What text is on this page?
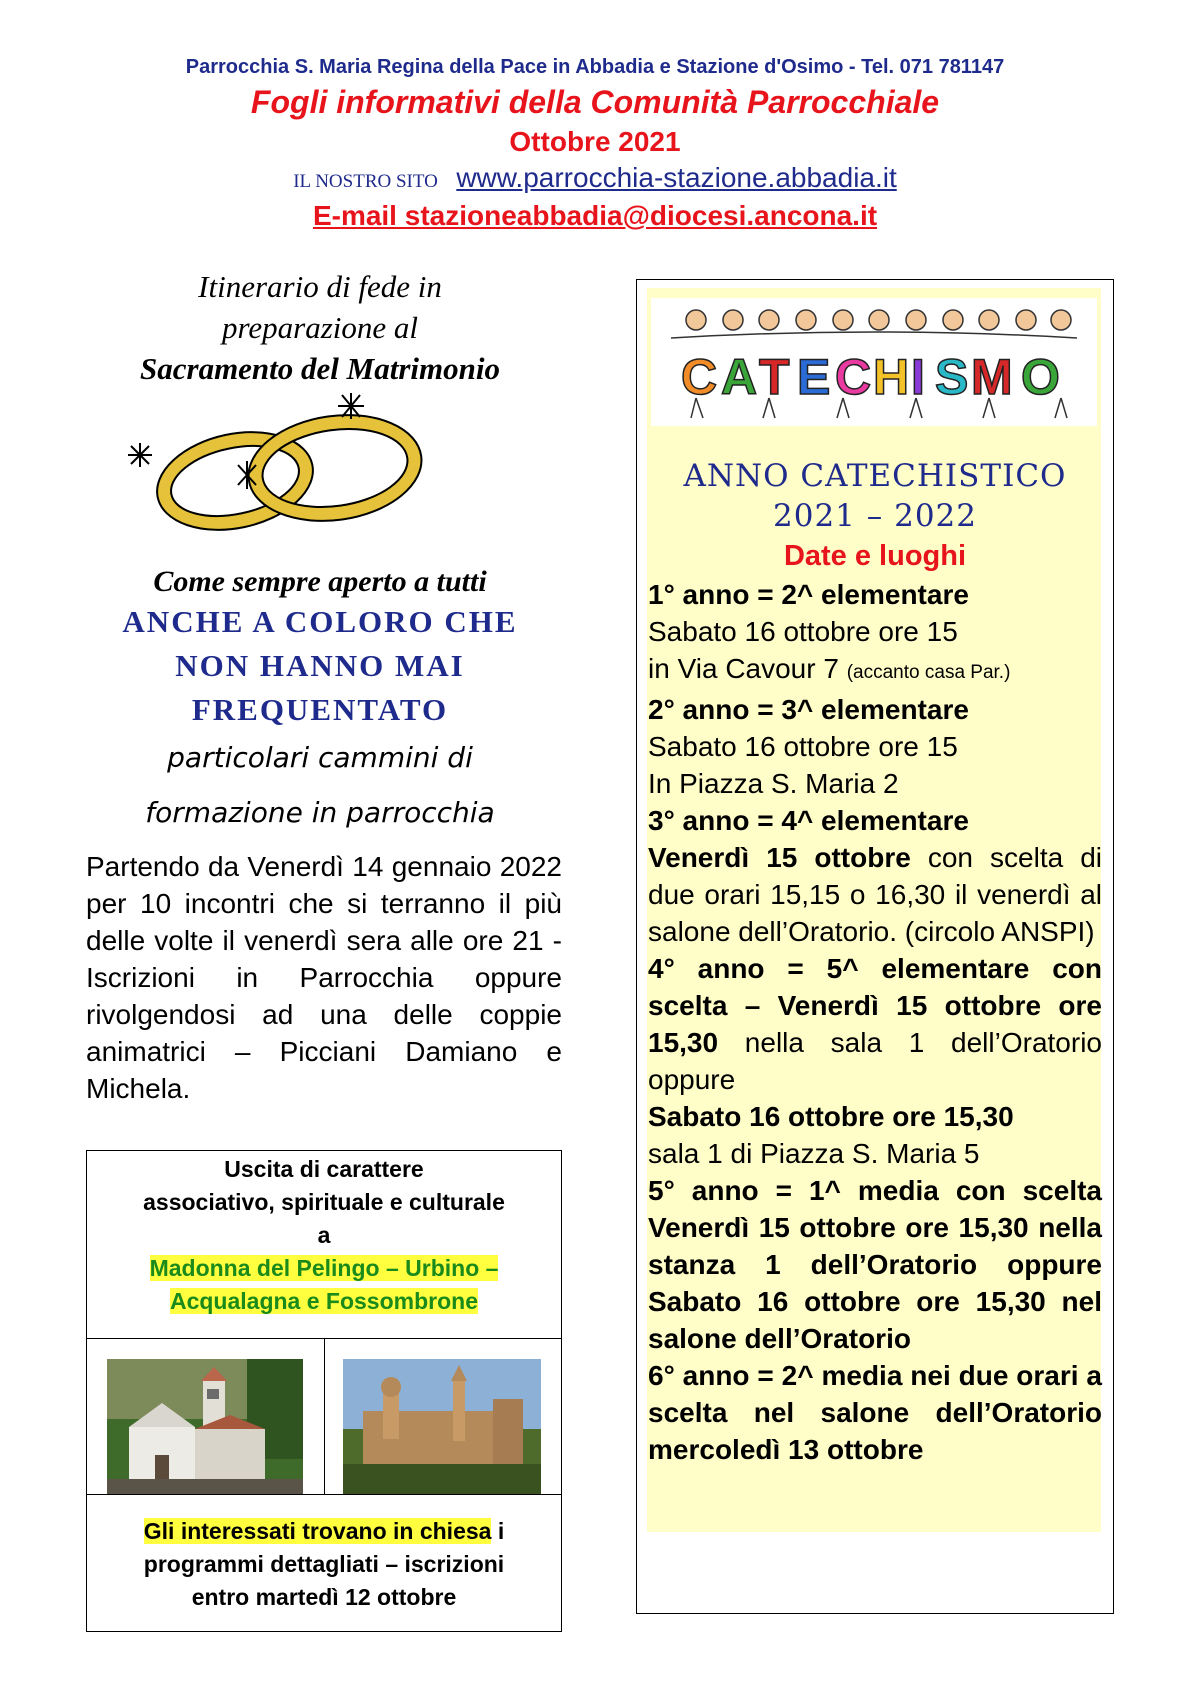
Parrocchia S. Maria Regina della Pace in Abbadia e Stazione d'Osimo - Tel. 071 781147
Fogli informativi della Comunità Parrocchiale
Ottobre 2021
IL NOSTRO SITO www.parrocchia-stazione.abbadia.it
E-mail stazioneabbadia@diocesi.ancona.it
Itinerario di fede in
preparazione al
Sacramento del Matrimonio
Come sempre aperto a tutti
ANCHE A COLORO CHE
NON HANNO MAI
FREQUENTATO
particolari cammini di
formazione in parrocchia
Partendo da Venerdì 14 gennaio 2022 per 10 incontri che si terranno il più delle volte il venerdì sera alle ore 21 - Iscrizioni in Parrocchia oppure rivolgendosi ad una delle coppie animatrici – Picciani Damiano e Michela.
Uscita di carattere
associativo, spirituale e culturale
a
Madonna del Pelingo – Urbino –
Acqualagna e Fossombrone
Gli interessati trovano in chiesa i
programmi dettagliati – iscrizioni
entro martedì 12 ottobre
C A T E C H I S M O
ANNO CATECHISTICO
2021 – 2022
Date e luoghi

1° anno = 2^ elementare

Sabato 16 ottobre ore 15

in Via Cavour 7 (accanto casa Par.)

2° anno = 3^ elementare

Sabato 16 ottobre ore 15

In Piazza S. Maria 2

3° anno = 4^ elementare

Venerdì 15 ottobre con scelta di due orari 15,15 o 16,30 il venerdì al salone dell’Oratorio. (circolo ANSPI)

4° anno = 5^ elementare con scelta – Venerdì 15 ottobre ore 15,30 nella sala 1 dell’Oratorio oppure

Sabato 16 ottobre ore 15,30

sala 1 di Piazza S. Maria 5

5° anno = 1^ media con scelta Venerdì 15 ottobre ore 15,30 nella stanza 1 dell’Oratorio oppure Sabato 16 ottobre ore 15,30 nel salone dell’Oratorio

6° anno = 2^ media nei due orari a scelta nel salone dell’Oratorio mercoledì 13 ottobre
